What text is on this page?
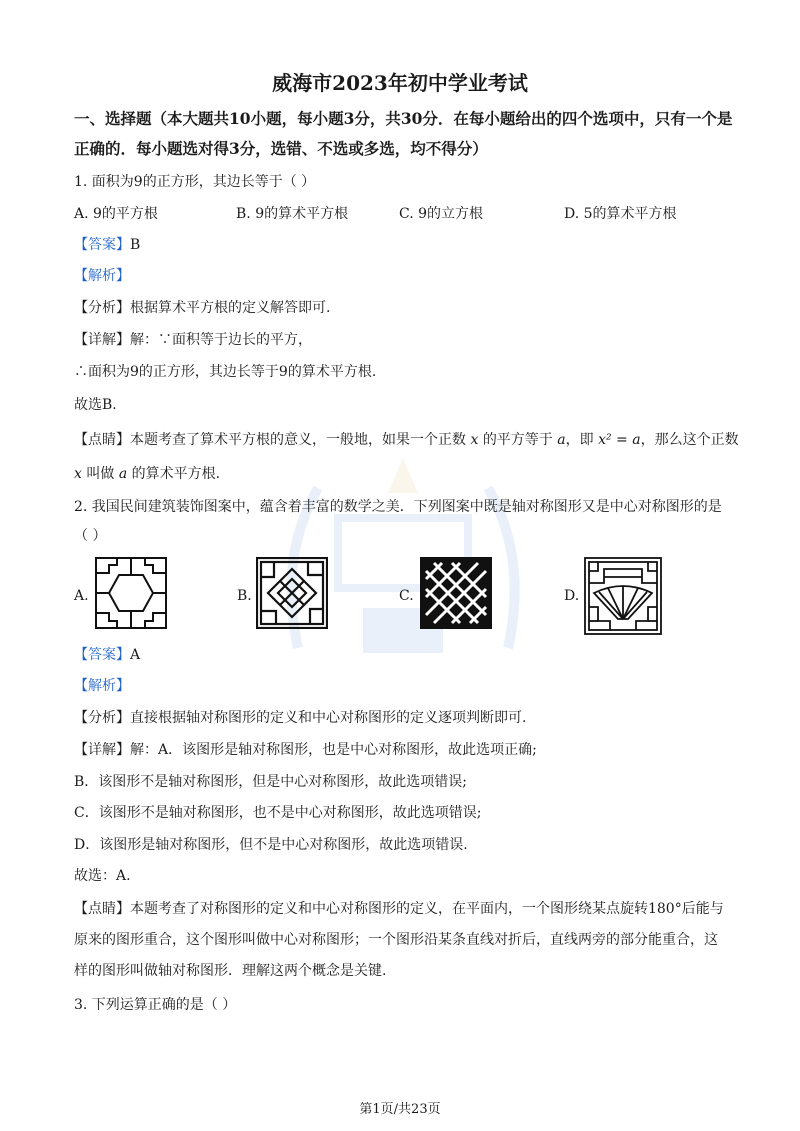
威海市2023年初中学业考试
一、选择题（本大题共10小题，每小题3分，共30分．在每小题给出的四个选项中，只有一个是正确的．每小题选对得3分，选错、不选或多选，均不得分）
1. 面积为9的正方形，其边长等于（ ）
A. 9的平方根	B. 9的算术平方根	C. 9的立方根	D. 5的算术平方根
【答案】B
【解析】
【分析】根据算术平方根的定义解答即可.
【详解】解：∵面积等于边长的平方，
∴面积为9的正方形，其边长等于9的算术平方根.
故选B.
【点睛】本题考查了算术平方根的意义，一般地，如果一个正数 x 的平方等于 a，即 x² = a，那么这个正数
x 叫做 a 的算术平方根.
2. 我国民间建筑装饰图案中，蕴含着丰富的数学之美．下列图案中既是轴对称图形又是中心对称图形的是
（ ）
A.	B.	C.	D.
【答案】A
【解析】
【分析】直接根据轴对称图形的定义和中心对称图形的定义逐项判断即可.
【详解】解：A．该图形是轴对称图形，也是中心对称图形，故此选项正确;
B．该图形不是轴对称图形，但是中心对称图形，故此选项错误;
C．该图形不是轴对称图形，也不是中心对称图形，故此选项错误;
D．该图形是轴对称图形，但不是中心对称图形，故此选项错误.
故选：A.
【点睛】本题考查了对称图形的定义和中心对称图形的定义，在平面内，一个图形绕某点旋转180°后能与
原来的图形重合，这个图形叫做中心对称图形；一个图形沿某条直线对折后，直线两旁的部分能重合，这
样的图形叫做轴对称图形．理解这两个概念是关键.
3. 下列运算正确的是（ ）
第1页/共23页
